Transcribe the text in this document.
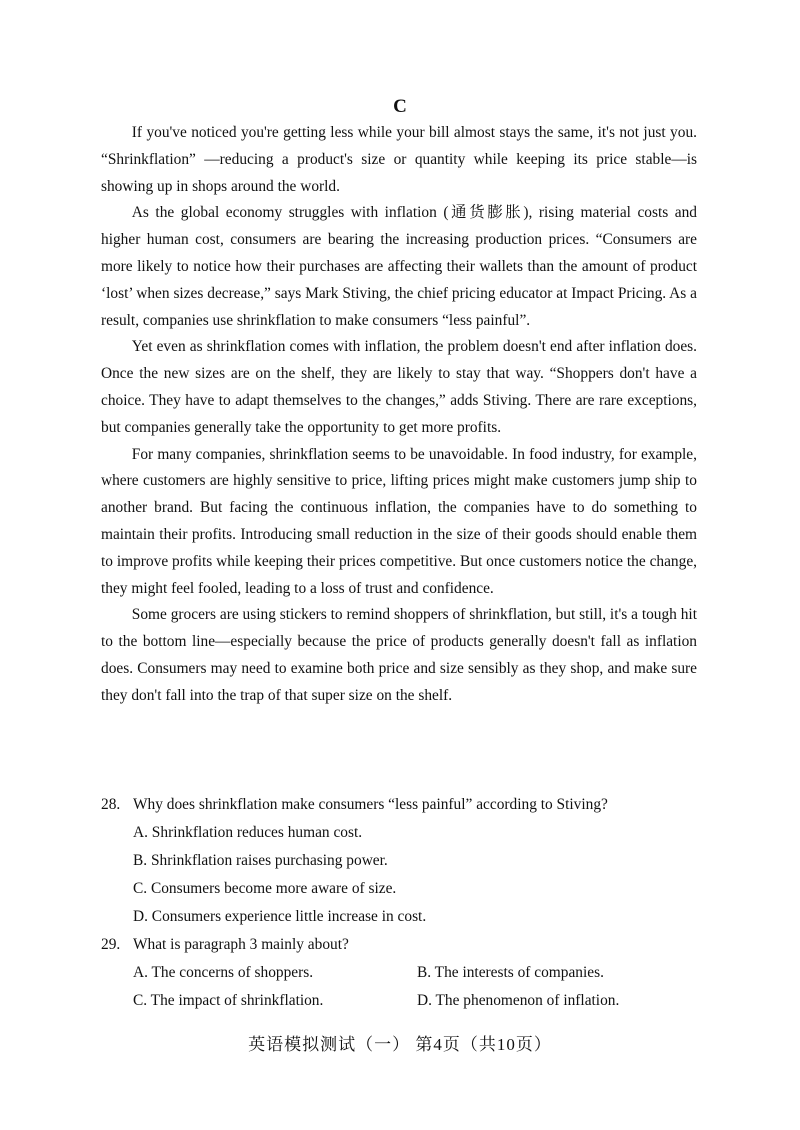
C

If you've noticed you're getting less while your bill almost stays the same, it's not just you. “Shrinkflation” —reducing a product's size or quantity while keeping its price stable—is showing up in shops around the world.

As the global economy struggles with inflation (通货膨胀), rising material costs and higher human cost, consumers are bearing the increasing production prices. “Consumers are more likely to notice how their purchases are affecting their wallets than the amount of product ‘lost’ when sizes decrease,” says Mark Stiving, the chief pricing educator at Impact Pricing. As a result, companies use shrinkflation to make consumers “less painful”.

Yet even as shrinkflation comes with inflation, the problem doesn't end after inflation does. Once the new sizes are on the shelf, they are likely to stay that way. “Shoppers don't have a choice. They have to adapt themselves to the changes,” adds Stiving. There are rare exceptions, but companies generally take the opportunity to get more profits.

For many companies, shrinkflation seems to be unavoidable. In food industry, for example, where customers are highly sensitive to price, lifting prices might make customers jump ship to another brand. But facing the continuous inflation, the companies have to do something to maintain their profits. Introducing small reduction in the size of their goods should enable them to improve profits while keeping their prices competitive. But once customers notice the change, they might feel fooled, leading to a loss of trust and confidence.

Some grocers are using stickers to remind shoppers of shrinkflation, but still, it's a tough hit to the bottom line—especially because the price of products generally doesn't fall as inflation does. Consumers may need to examine both price and size sensibly as they shop, and make sure they don't fall into the trap of that super size on the shelf.

28. Why does shrinkflation make consumers “less painful” according to Stiving?
A. Shrinkflation reduces human cost.
B. Shrinkflation raises purchasing power.
C. Consumers become more aware of size.
D. Consumers experience little increase in cost.
29. What is paragraph 3 mainly about?
A. The concerns of shoppers.	B. The interests of companies.
C. The impact of shrinkflation.	D. The phenomenon of inflation.
英语模拟测试（一） 第4页（共10页）
